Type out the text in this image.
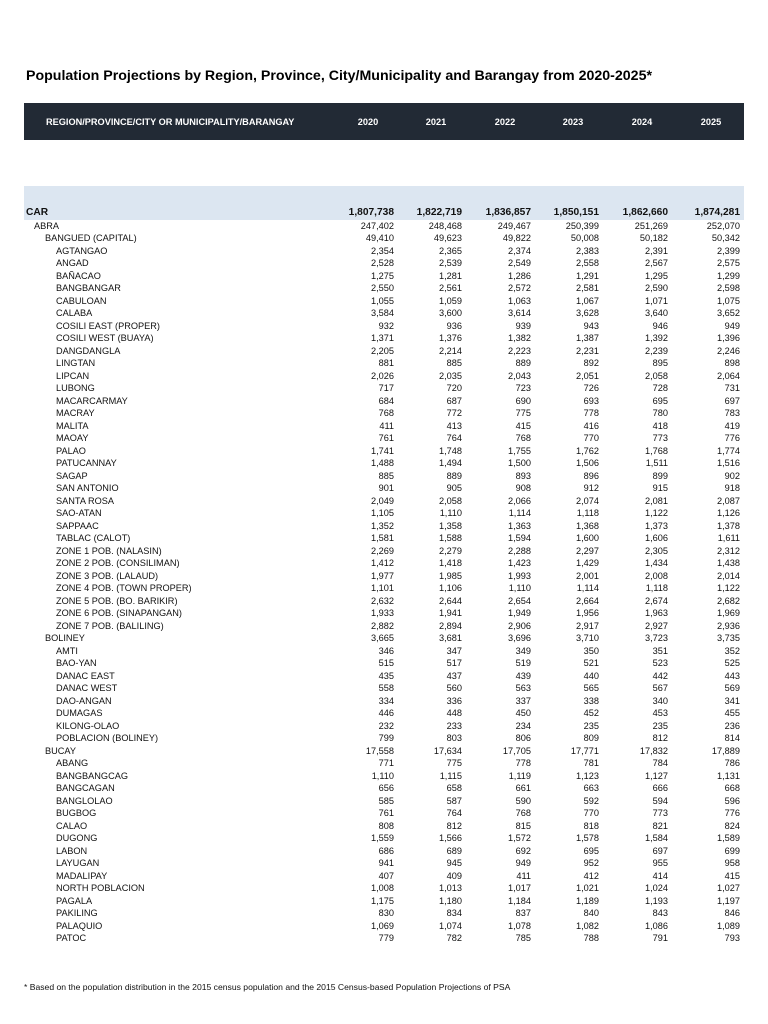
Population Projections by Region, Province, City/Municipality and Barangay from 2020-2025*
REGION/PROVINCE/CITY OR MUNICIPALITY/BARANGAY	2020	2021	2022	2023	2024	2025
CAR	1,807,738	1,822,719	1,836,857	1,850,151	1,862,660	1,874,281
ABRA	247,402	248,468	249,467	250,399	251,269	252,070
BANGUED (CAPITAL)	49,410	49,623	49,822	50,008	50,182	50,342
AGTANGAO	2,354	2,365	2,374	2,383	2,391	2,399
ANGAD	2,528	2,539	2,549	2,558	2,567	2,575
BAÑACAO	1,275	1,281	1,286	1,291	1,295	1,299
BANGBANGAR	2,550	2,561	2,572	2,581	2,590	2,598
CABULOAN	1,055	1,059	1,063	1,067	1,071	1,075
CALABA	3,584	3,600	3,614	3,628	3,640	3,652
COSILI EAST (PROPER)	932	936	939	943	946	949
COSILI WEST (BUAYA)	1,371	1,376	1,382	1,387	1,392	1,396
DANGDANGLA	2,205	2,214	2,223	2,231	2,239	2,246
LINGTAN	881	885	889	892	895	898
LIPCAN	2,026	2,035	2,043	2,051	2,058	2,064
LUBONG	717	720	723	726	728	731
MACARCARMAY	684	687	690	693	695	697
MACRAY	768	772	775	778	780	783
MALITA	411	413	415	416	418	419
MAOAY	761	764	768	770	773	776
PALAO	1,741	1,748	1,755	1,762	1,768	1,774
PATUCANNAY	1,488	1,494	1,500	1,506	1,511	1,516
SAGAP	885	889	893	896	899	902
SAN ANTONIO	901	905	908	912	915	918
SANTA ROSA	2,049	2,058	2,066	2,074	2,081	2,087
SAO-ATAN	1,105	1,110	1,114	1,118	1,122	1,126
SAPPAAC	1,352	1,358	1,363	1,368	1,373	1,378
TABLAC (CALOT)	1,581	1,588	1,594	1,600	1,606	1,611
ZONE 1 POB. (NALASIN)	2,269	2,279	2,288	2,297	2,305	2,312
ZONE 2 POB. (CONSILIMAN)	1,412	1,418	1,423	1,429	1,434	1,438
ZONE 3 POB. (LALAUD)	1,977	1,985	1,993	2,001	2,008	2,014
ZONE 4 POB. (TOWN PROPER)	1,101	1,106	1,110	1,114	1,118	1,122
ZONE 5 POB. (BO. BARIKIR)	2,632	2,644	2,654	2,664	2,674	2,682
ZONE 6 POB. (SINAPANGAN)	1,933	1,941	1,949	1,956	1,963	1,969
ZONE 7 POB. (BALILING)	2,882	2,894	2,906	2,917	2,927	2,936
BOLINEY	3,665	3,681	3,696	3,710	3,723	3,735
AMTI	346	347	349	350	351	352
BAO-YAN	515	517	519	521	523	525
DANAC EAST	435	437	439	440	442	443
DANAC WEST	558	560	563	565	567	569
DAO-ANGAN	334	336	337	338	340	341
DUMAGAS	446	448	450	452	453	455
KILONG-OLAO	232	233	234	235	235	236
POBLACION (BOLINEY)	799	803	806	809	812	814
BUCAY	17,558	17,634	17,705	17,771	17,832	17,889
ABANG	771	775	778	781	784	786
BANGBANGCAG	1,110	1,115	1,119	1,123	1,127	1,131
BANGCAGAN	656	658	661	663	666	668
BANGLOLAO	585	587	590	592	594	596
BUGBOG	761	764	768	770	773	776
CALAO	808	812	815	818	821	824
DUGONG	1,559	1,566	1,572	1,578	1,584	1,589
LABON	686	689	692	695	697	699
LAYUGAN	941	945	949	952	955	958
MADALIPAY	407	409	411	412	414	415
NORTH POBLACION	1,008	1,013	1,017	1,021	1,024	1,027
PAGALA	1,175	1,180	1,184	1,189	1,193	1,197
PAKILING	830	834	837	840	843	846
PALAQUIO	1,069	1,074	1,078	1,082	1,086	1,089
PATOC	779	782	785	788	791	793
* Based on the population distribution in the 2015 census population and the 2015 Census-based Population Projections of PSA
